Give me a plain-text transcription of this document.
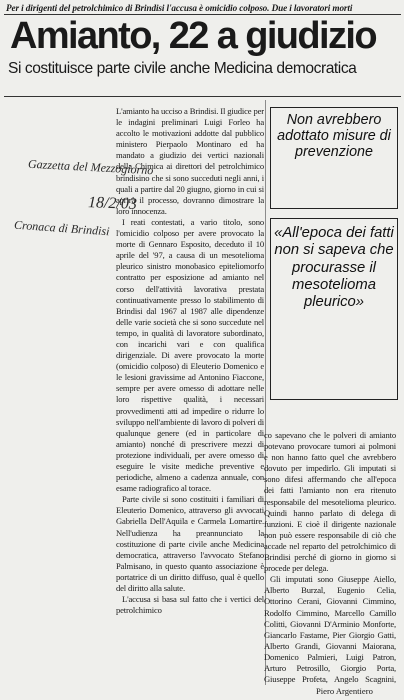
Per i dirigenti del petrolchimico di Brindisi l'accusa è omicidio colposo. Due i lavoratori morti
Amianto, 22 a giudizio
Si costituisce parte civile anche Medicina democratica
Gazzetta del Mezzogiorno
18/2/03
Cronaca di Brindisi

L'amianto ha ucciso a Brindisi. Il giudice per le indagini preliminari Luigi Forleo ha accolto le motivazioni addotte dal pubblico ministero Pierpaolo Montinaro ed ha mandato a giudizio dei vertici nazionali della Chimica ai direttori del petrolchimico brindisino che si sono succeduti negli anni, i quali a partire dal 20 giugno, giorno in cui si aprirà il processo, dovranno dimostrare la loro innocenza.

I reati contestati, a vario titolo, sono l'omicidio colposo per avere provocato la morte di Gennaro Esposito, deceduto il 10 aprile del '97, a causa di un mesotelioma pleurico sinistro monobasico epiteliomorfo contratto per esposizione ad amianto nel corso dell'attività lavorativa prestata continuativamente presso lo stabilimento di Brindisi dal 1967 al 1987 alle dipendenze delle varie società che si sono succedute nel tempo, in qualità di lavoratore subordinato, con incarichi vari e con qualifica dirigenziale. Di avere provocato la morte (omicidio colposo) di Eleuterio Domenico e le lesioni gravissime ad Antonino Fiaccone, sempre per avere omesso di adottare nelle loro rispettive qualità, i necessari provvedimenti atti ad impedire o ridurre lo sviluppo nell'ambiente di lavoro di polveri di qualunque genere (ed in particolare di amianto) nonché di prescrivere mezzi di protezione individuali, per avere omesso di eseguire le visite mediche preventive e periodiche, almeno a cadenza annuale, con esame radiografico al torace.

Parte civile si sono costituiti i familiari di Eleuterio Domenico, attraverso gli avvocati Gabriella Dell'Aquila e Carmela Lomartire. Nell'udienza ha preannunciato la costituzione di parte civile anche Medicina democratica, attraverso l'avvocato Stefano Palmisano, in questo quanto associazione è portatrice di un diritto diffuso, qual è quello del diritto alla salute.

L'accusa si basa sul fatto che i vertici del petrolchimico

Non avrebbero adottato misure di prevenzione
«All'epoca dei fatti non si sapeva che procurasse il mesotelioma pleurico»

co sapevano che le polveri di amianto potevano provocare tumori ai polmoni e non hanno fatto quel che avrebbero dovuto per impedirlo. Gli imputati si sono difesi affermando che all'epoca dei fatti l'amianto non era ritenuto responsabile del mesotelioma pleurico. Quindi hanno parlato di delega di funzioni. E cioè il dirigente nazionale non può essere responsabile di ciò che accade nel reparto del petrolchimico di Brindisi perché di giorno in giorno si procede per delega.

Gli imputati sono Giuseppe Aiello, Alberto Burzal, Eugenio Celia, Ottorino Cerani, Giovanni Cimmino, Rodolfo Cimmino, Marcello Camillo Colitti, Giovanni D'Arminio Monforte, Giancarlo Fastame, Pier Giorgio Gatti, Alberto Grandi, Giovanni Maiorana, Domenico Palmieri, Luigi Patron, Arturo Petrosillo, Giorgio Porta, Giuseppe Profeta, Angelo Scagnini,

Piero Argentiero
